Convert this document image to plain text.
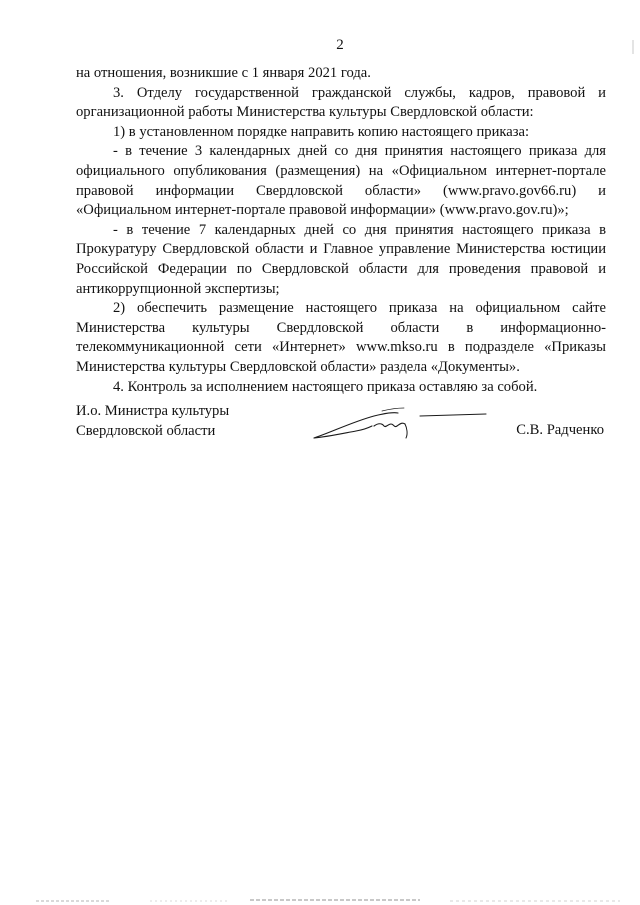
2

на отношения, возникшие с 1 января 2021 года.

3. Отделу государственной гражданской службы, кадров, правовой и организационной работы Министерства культуры Свердловской области:

1) в установленном порядке направить копию настоящего приказа:

- в течение 3 календарных дней со дня принятия настоящего приказа для официального опубликования (размещения) на «Официальном интернет-портале правовой информации Свердловской области» (www.pravo.gov66.ru) и «Официальном интернет-портале правовой информации» (www.pravo.gov.ru)»;

- в течение 7 календарных дней со дня принятия настоящего приказа в Прокуратуру Свердловской области и Главное управление Министерства юстиции Российской Федерации по Свердловской области для проведения правовой и антикоррупционной экспертизы;

2) обеспечить размещение настоящего приказа на официальном сайте Министерства культуры Свердловской области в информационно-телекоммуникационной сети «Интернет» www.mkso.ru в подразделе «Приказы Министерства культуры Свердловской области» раздела «Документы».

4. Контроль за исполнением настоящего приказа оставляю за собой.

И.о. Министра культуры
Свердловской области	С.В. Радченко
